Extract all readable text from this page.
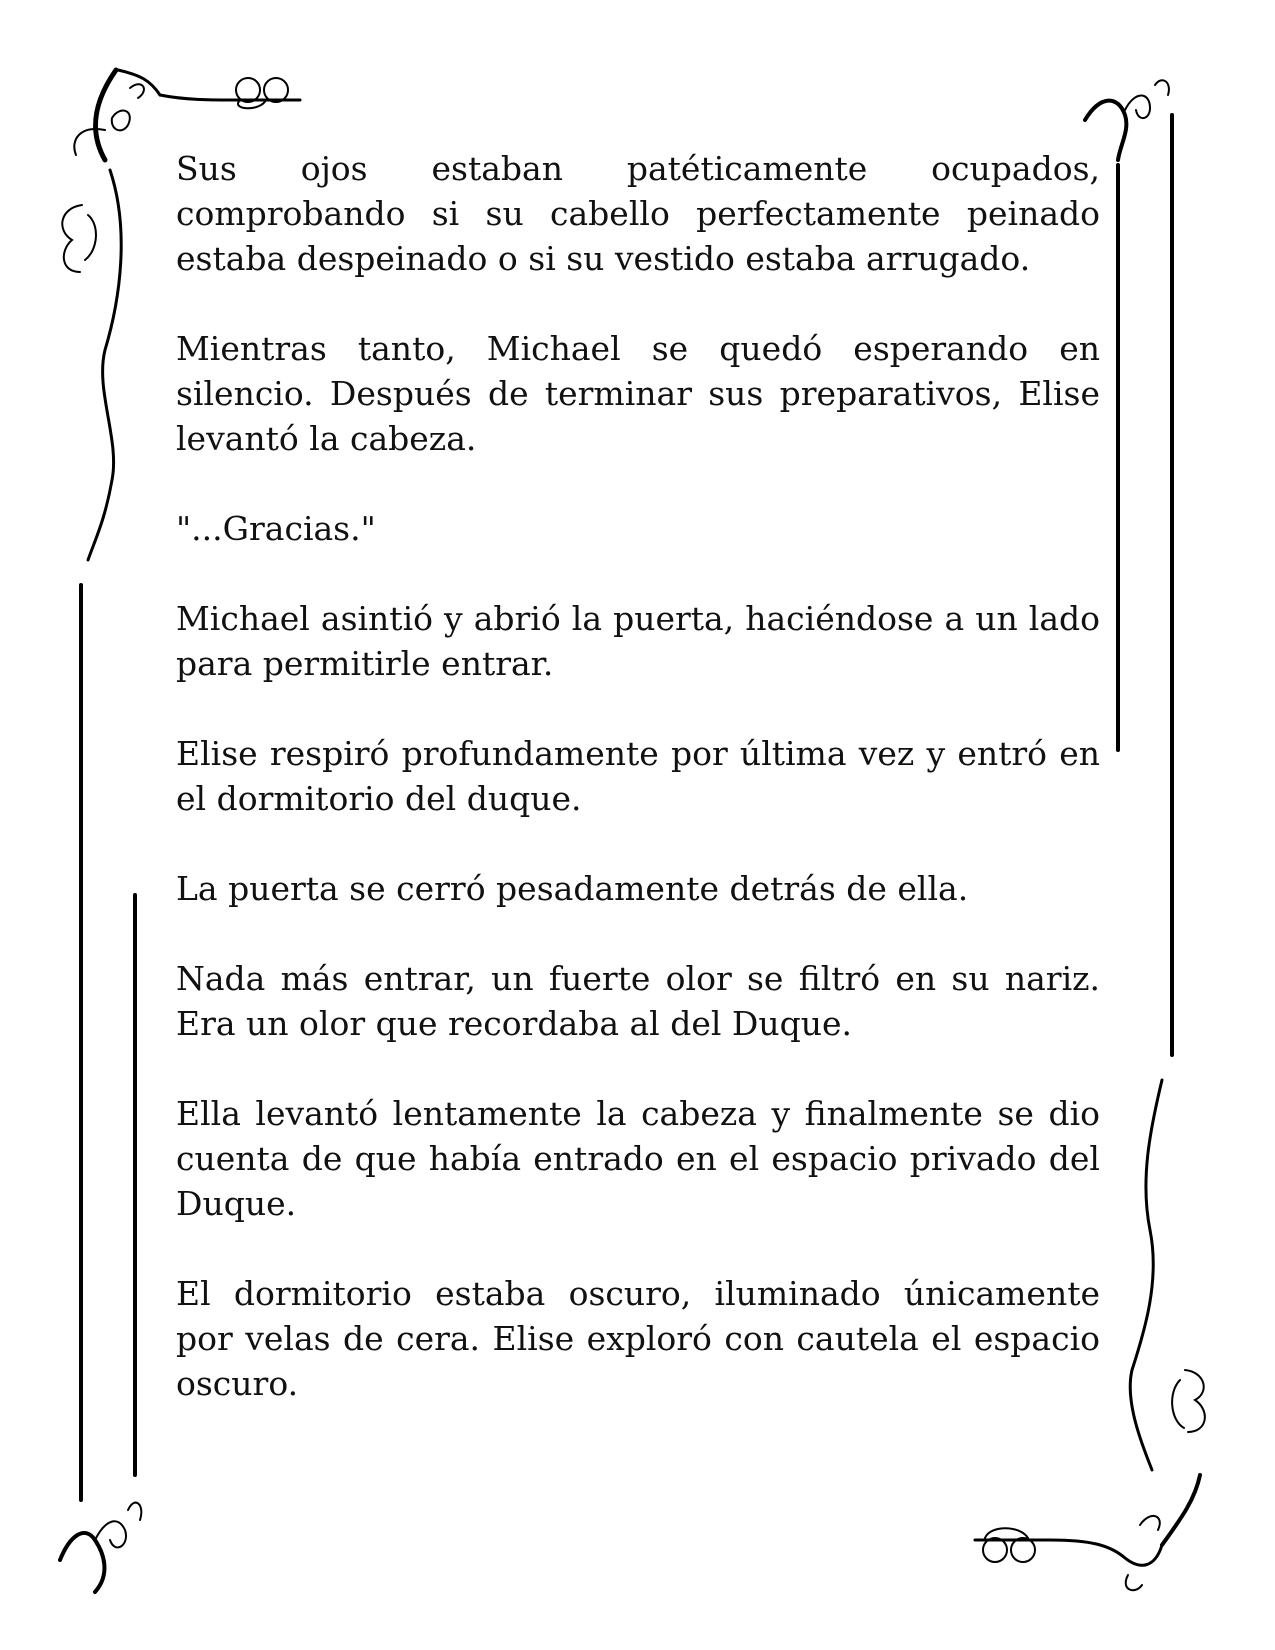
Sus ojos estaban patéticamente ocupados, comprobando si su cabello perfectamente peinado estaba despeinado o si su vestido estaba arrugado.

Mientras tanto, Michael se quedó esperando en silencio. Después de terminar sus preparativos, Elise levantó la cabeza.

"...Gracias."

Michael asintió y abrió la puerta, haciéndose a un lado para permitirle entrar.

Elise respiró profundamente por última vez y entró en el dormitorio del duque.

La puerta se cerró pesadamente detrás de ella.

Nada más entrar, un fuerte olor se filtró en su nariz. Era un olor que recordaba al del Duque.

Ella levantó lentamente la cabeza y finalmente se dio cuenta de que había entrado en el espacio privado del Duque.

El dormitorio estaba oscuro, iluminado únicamente por velas de cera. Elise exploró con cautela el espacio oscuro.
